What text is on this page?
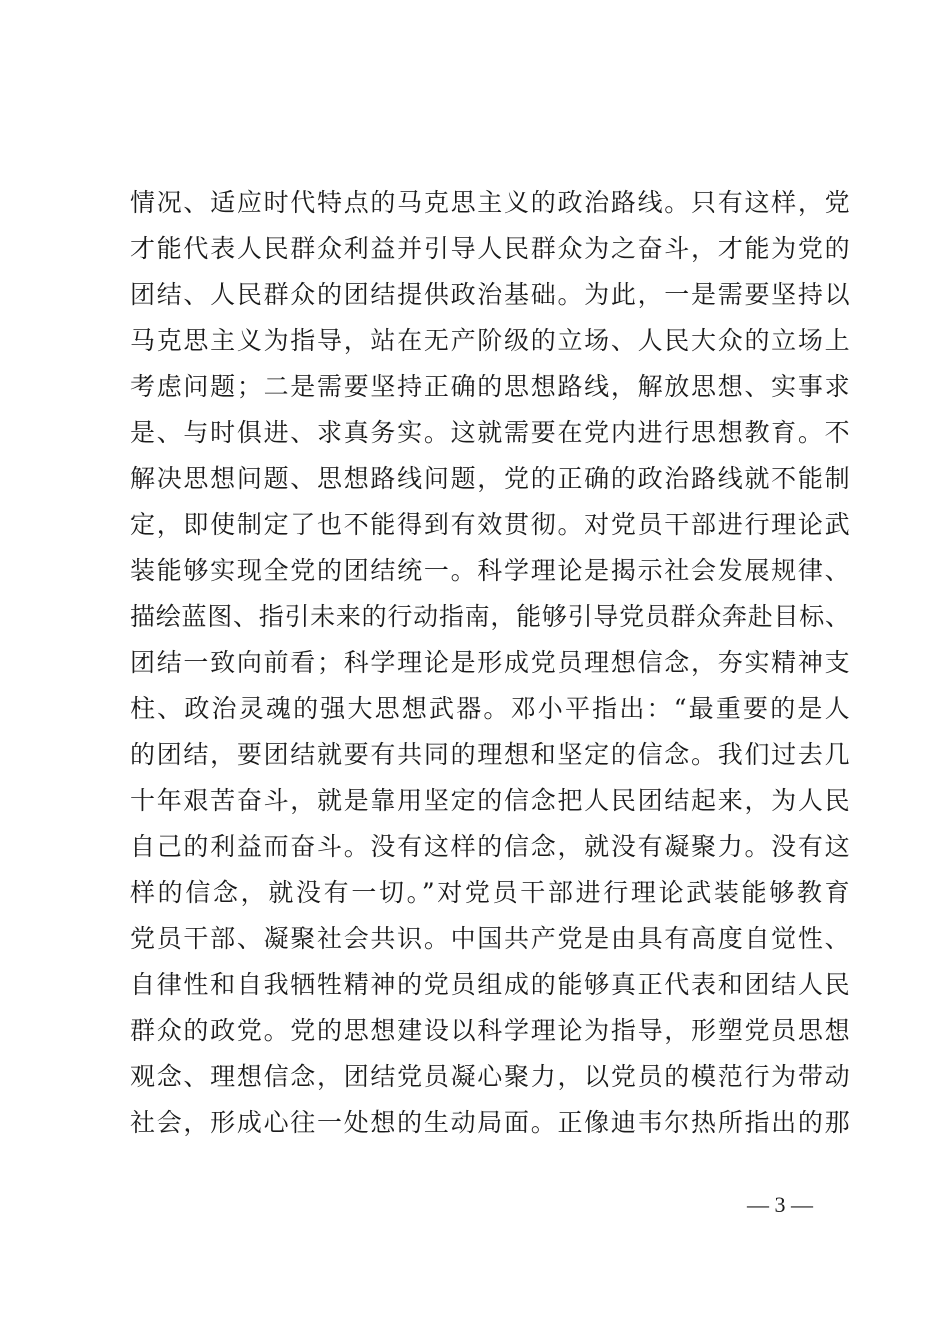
情况、适应时代特点的马克思主义的政治路线。只有这样，党
才能代表人民群众利益并引导人民群众为之奋斗，才能为党的
团结、人民群众的团结提供政治基础。为此，一是需要坚持以
马克思主义为指导，站在无产阶级的立场、人民大众的立场上
考虑问题；二是需要坚持正确的思想路线，解放思想、实事求
是、与时俱进、求真务实。这就需要在党内进行思想教育。不
解决思想问题、思想路线问题，党的正确的政治路线就不能制
定，即使制定了也不能得到有效贯彻。对党员干部进行理论武
装能够实现全党的团结统一。科学理论是揭示社会发展规律、
描绘蓝图、指引未来的行动指南，能够引导党员群众奔赴目标、
团结一致向前看；科学理论是形成党员理想信念，夯实精神支
柱、政治灵魂的强大思想武器。邓小平指出：“最重要的是人
的团结，要团结就要有共同的理想和坚定的信念。我们过去几
十年艰苦奋斗，就是靠用坚定的信念把人民团结起来，为人民
自己的利益而奋斗。没有这样的信念，就没有凝聚力。没有这
样的信念，就没有一切。”对党员干部进行理论武装能够教育
党员干部、凝聚社会共识。中国共产党是由具有高度自觉性、
自律性和自我牺牲精神的党员组成的能够真正代表和团结人民
群众的政党。党的思想建设以科学理论为指导，形塑党员思想
观念、理想信念，团结党员凝心聚力，以党员的模范行为带动
社会，形成心往一处想的生动局面。正像迪韦尔热所指出的那
— 3 —
